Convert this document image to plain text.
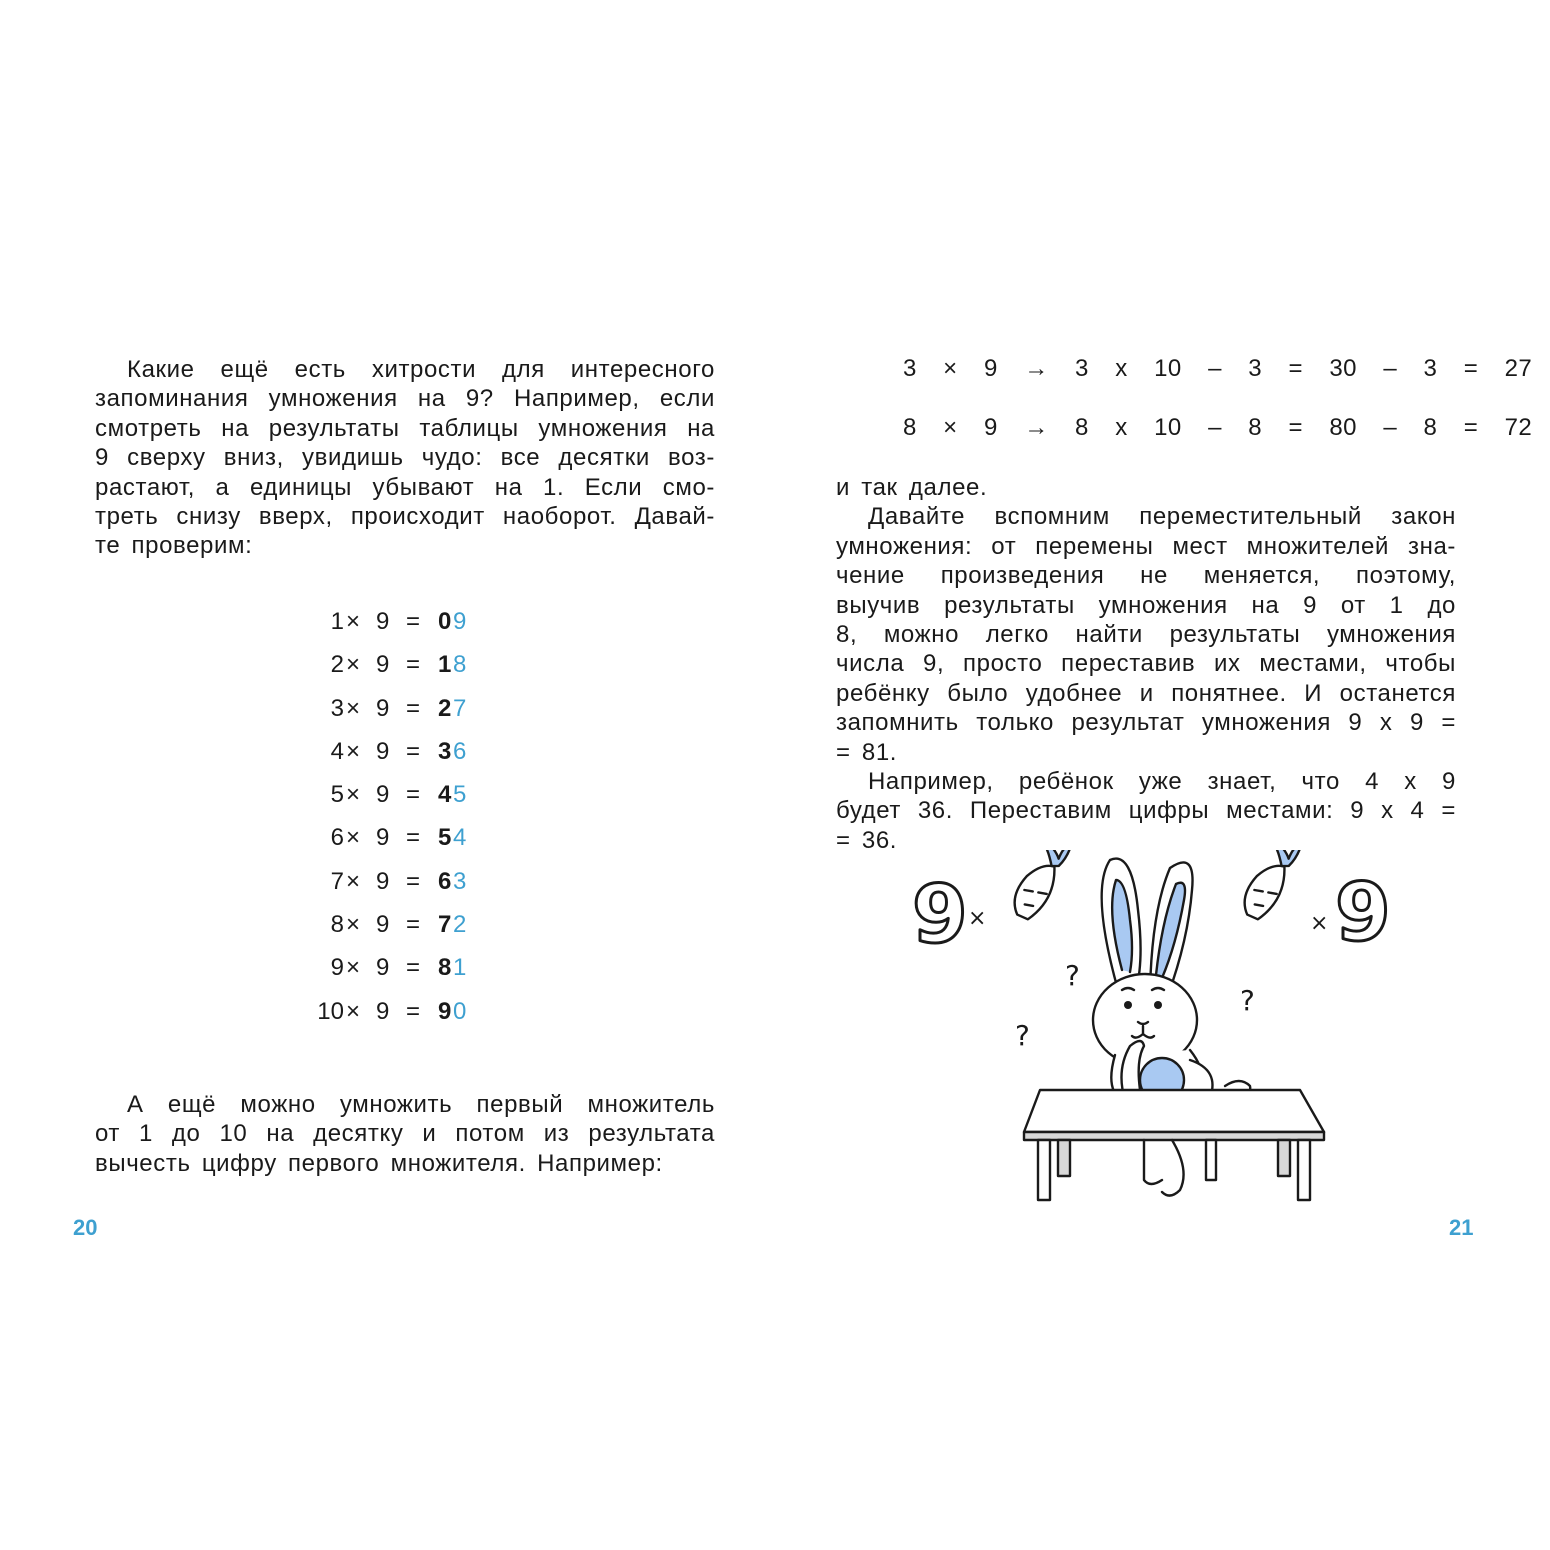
Какие ещё есть хитрости для интересного
запоминания умножения на 9? Например, если
смотреть на результаты таблицы умножения на
9 сверху вниз, увидишь чудо: все десятки воз-
растают, а единицы убывают на 1. Если смо-
треть снизу вверх, происходит наоборот. Давай-
те проверим:
1 × 9 = 0 9
2 × 9 = 1 8
3 × 9 = 2 7
4 × 9 = 3 6
5 × 9 = 4 5
6 × 9 = 5 4
7 × 9 = 6 3
8 × 9 = 7 2
9 × 9 = 8 1
10 × 9 = 9 0
А ещё можно умножить первый множитель
от 1 до 10 на десятку и потом из результата
вычесть цифру первого множителя. Например:
20
3  ×  9  →  3  x  10  –  3  =  30  –  3  =  27
8  ×  9  →  8  x  10  –  8  =  80  –  8  =  72
и так далее.
Давайте вспомним переместительный закон
умножения: от перемены мест множителей зна-
чение произведения не меняется, поэтому,
выучив результаты умножения на 9 от 1 до
8, можно легко найти результаты умножения
числа 9, просто переставив их местами, чтобы
ребёнку было удобнее и понятнее. И останется
запомнить только результат умножения 9 х 9 =
= 81.
Например, ребёнок уже знает, что 4 х 9
будет 36. Переставим цифры местами: 9 х 4 =
= 36.
9 ×	× 9
?
?
?
21
